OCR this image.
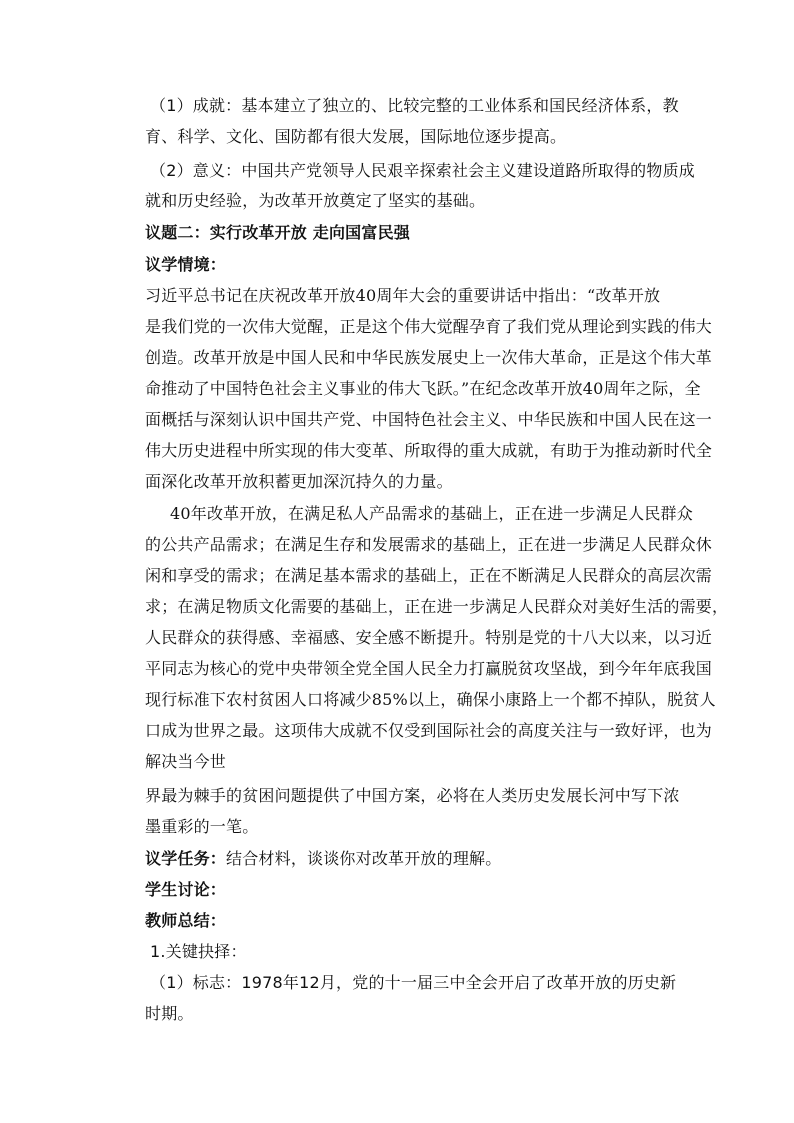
（1）成就：基本建立了独立的、比较完整的工业体系和国民经济体系，教
育、科学、文化、国防都有很大发展，国际地位逐步提高。
（2）意义：中国共产党领导人民艰辛探索社会主义建设道路所取得的物质成
就和历史经验，为改革开放奠定了坚实的基础。
议题二：实行改革开放 走向国富民强
议学情境：
习近平总书记在庆祝改革开放40周年大会的重要讲话中指出：“改革开放
是我们党的一次伟大觉醒，正是这个伟大觉醒孕育了我们党从理论到实践的伟大
创造。改革开放是中国人民和中华民族发展史上一次伟大革命，正是这个伟大革
命推动了中国特色社会主义事业的伟大飞跃。”在纪念改革开放40周年之际，全
面概括与深刻认识中国共产党、中国特色社会主义、中华民族和中国人民在这一
伟大历史进程中所实现的伟大变革、所取得的重大成就，有助于为推动新时代全
面深化改革开放积蓄更加深沉持久的力量。
40年改革开放，在满足私人产品需求的基础上，正在进一步满足人民群众
的公共产品需求；在满足生存和发展需求的基础上，正在进一步满足人民群众休
闲和享受的需求；在满足基本需求的基础上，正在不断满足人民群众的高层次需
求；在满足物质文化需要的基础上，正在进一步满足人民群众对美好生活的需要，
人民群众的获得感、幸福感、安全感不断提升。特别是党的十八大以来，以习近
平同志为核心的党中央带领全党全国人民全力打赢脱贫攻坚战，到今年年底我国
现行标准下农村贫困人口将减少85%以上，确保小康路上一个都不掉队，脱贫人
口成为世界之最。这项伟大成就不仅受到国际社会的高度关注与一致好评，也为
解决当今世
界最为棘手的贫困问题提供了中国方案，必将在人类历史发展长河中写下浓
墨重彩的一笔。
议学任务：结合材料，谈谈你对改革开放的理解。
学生讨论：
教师总结：
1.关键抉择：
（1）标志：1978年12月，党的十一届三中全会开启了改革开放的历史新
时期。
